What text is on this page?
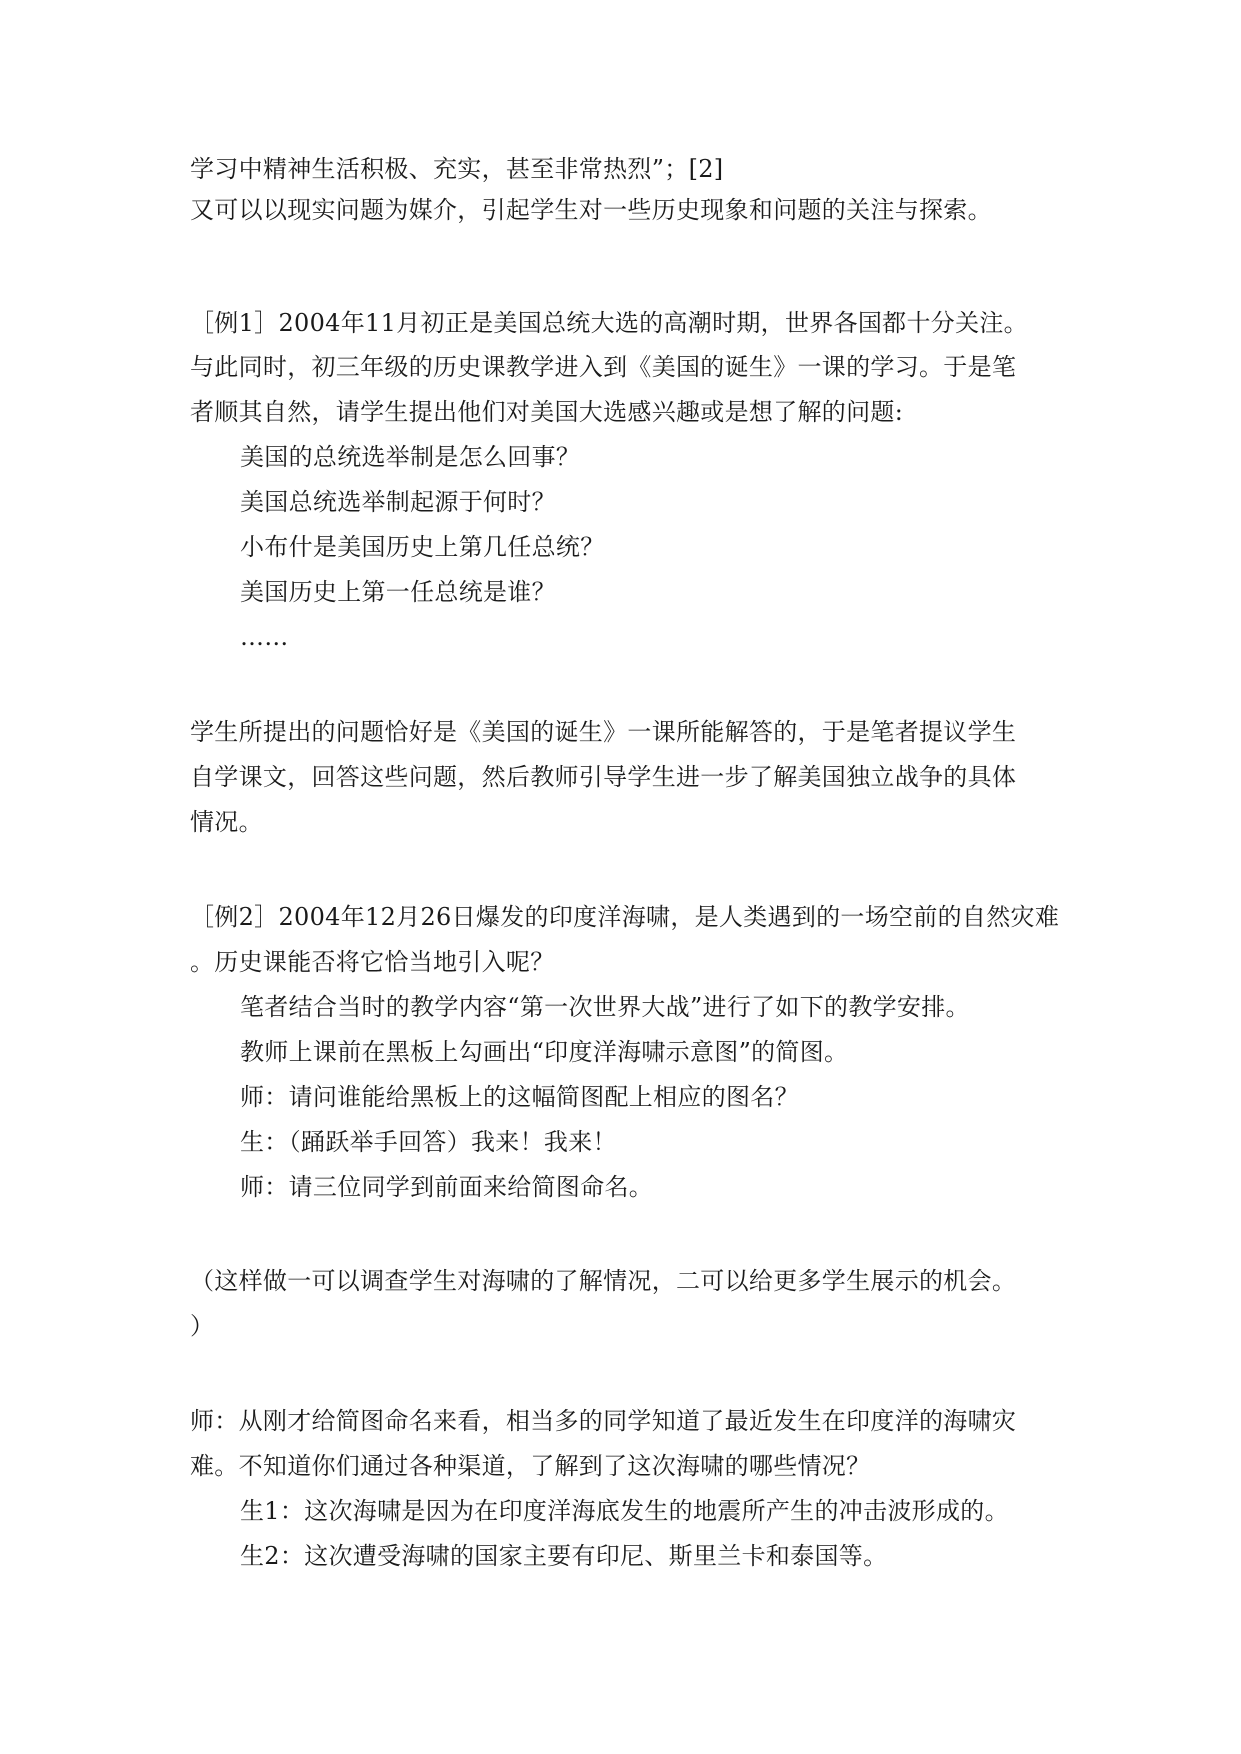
学习中精神生活积极、充实，甚至非常热烈”；[2]
又可以以现实问题为媒介，引起学生对一些历史现象和问题的关注与探索。
［例1］2004年11月初正是美国总统大选的高潮时期，世界各国都十分关注。
与此同时，初三年级的历史课教学进入到《美国的诞生》一课的学习。于是笔
者顺其自然，请学生提出他们对美国大选感兴趣或是想了解的问题:
美国的总统选举制是怎么回事？
美国总统选举制起源于何时？
小布什是美国历史上第几任总统？
美国历史上第一任总统是谁？
……
学生所提出的问题恰好是《美国的诞生》一课所能解答的，于是笔者提议学生
自学课文，回答这些问题，然后教师引导学生进一步了解美国独立战争的具体
情况。
［例2］2004年12月26日爆发的印度洋海啸，是人类遇到的一场空前的自然灾难
。历史课能否将它恰当地引入呢？
笔者结合当时的教学内容“第一次世界大战”进行了如下的教学安排。
教师上课前在黑板上勾画出“印度洋海啸示意图”的简图。
师：请问谁能给黑板上的这幅简图配上相应的图名？
生：（踊跃举手回答）我来！我来！
师：请三位同学到前面来给简图命名。
（这样做一可以调查学生对海啸的了解情况，二可以给更多学生展示的机会。
）
师：从刚才给简图命名来看，相当多的同学知道了最近发生在印度洋的海啸灾
难。不知道你们通过各种渠道，了解到了这次海啸的哪些情况？
生1：这次海啸是因为在印度洋海底发生的地震所产生的冲击波形成的。
生2：这次遭受海啸的国家主要有印尼、斯里兰卡和泰国等。
